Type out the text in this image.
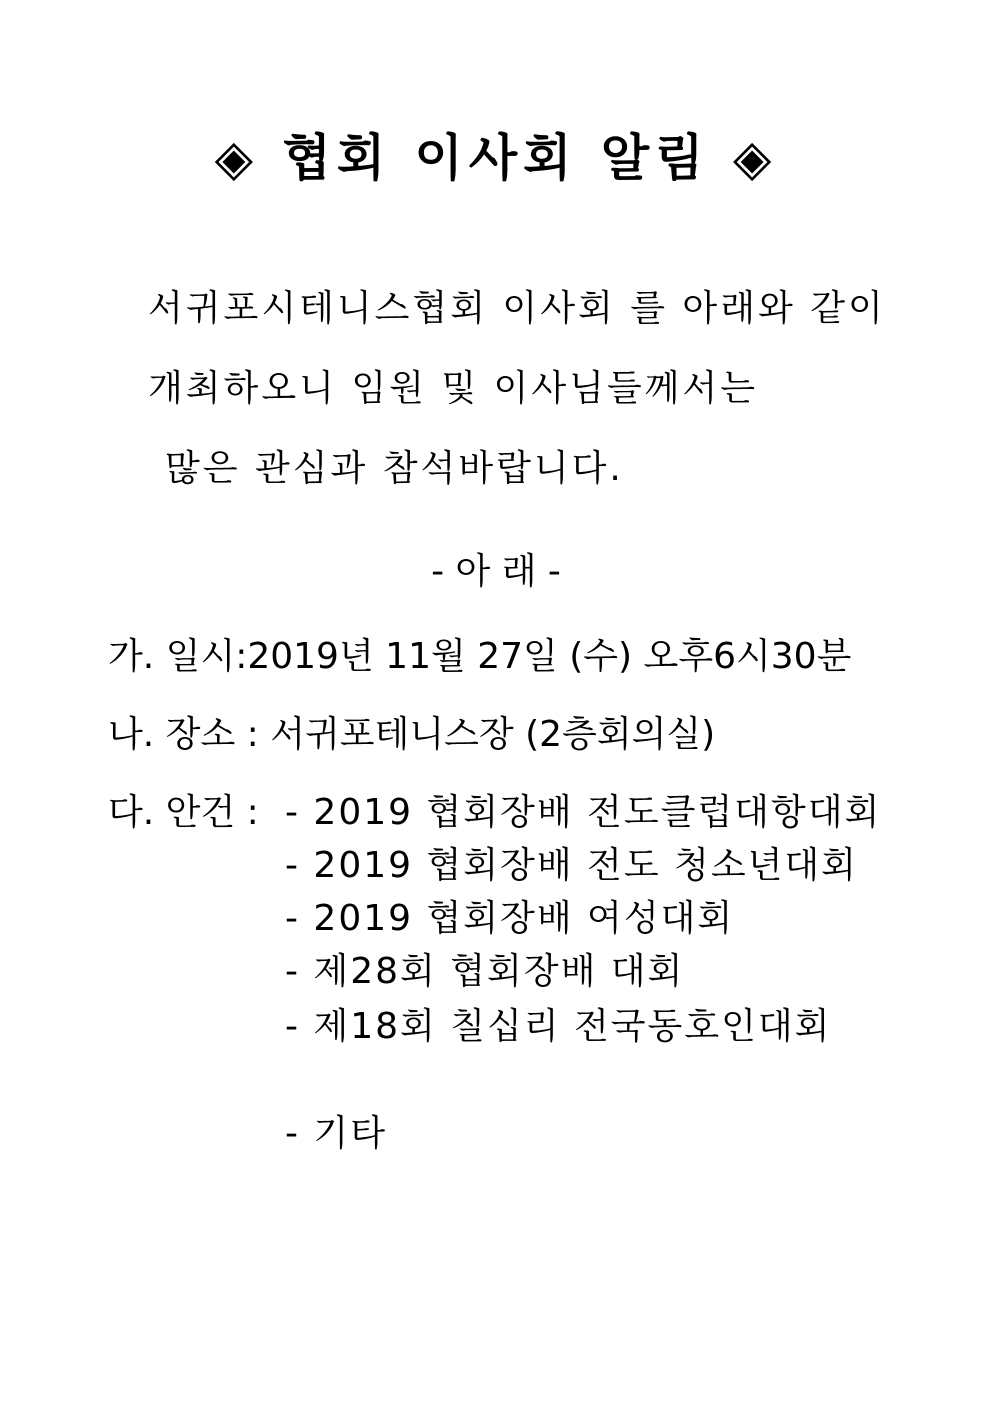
◈ 협회 이사회 알림 ◈
서귀포시테니스협회 이사회 를 아래와 같이
개최하오니 임원 및 이사님들께서는
많은 관심과 참석바랍니다.
- 아 래 -
가. 일시:2019년 11월 27일 (수) 오후6시30분
나. 장소 : 서귀포테니스장 (2층회의실)
다. 안건 : - 2019 협회장배 전도클럽대항대회
- 2019 협회장배 전도 청소년대회
- 2019 협회장배 여성대회
- 제28회 협회장배 대회
- 제18회 칠십리 전국동호인대회
- 기타
